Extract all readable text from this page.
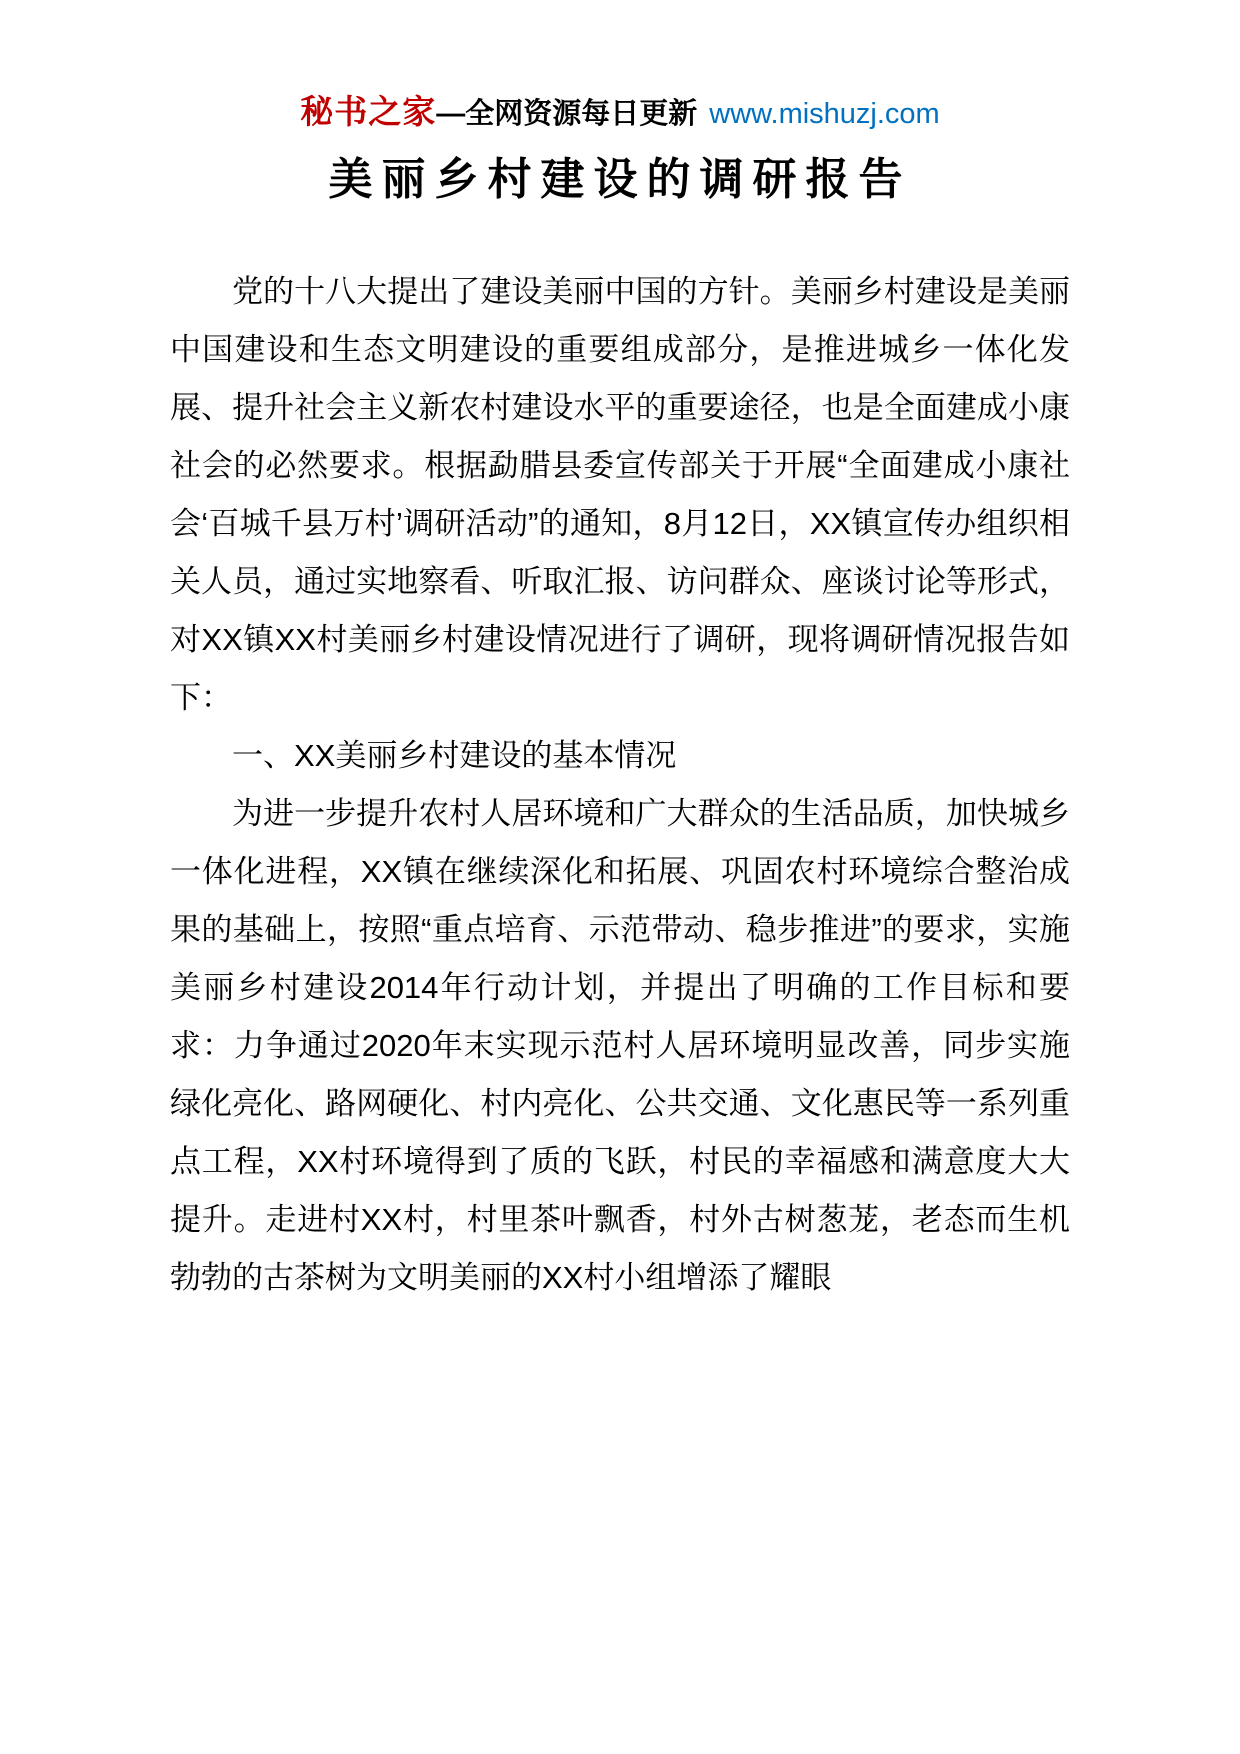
秘书之家—全网资源每日更新 www.mishuzj.com
美丽乡村建设的调研报告

党的十八大提出了建设美丽中国的方针。美丽乡村建设是美丽中国建设和生态文明建设的重要组成部分，是推进城乡一体化发展、提升社会主义新农村建设水平的重要途径，也是全面建成小康社会的必然要求。根据勐腊县委宣传部关于开展“全面建成小康社会‘百城千县万村’调研活动”的通知，8月12日，XX镇宣传办组织相关人员，通过实地察看、听取汇报、访问群众、座谈讨论等形式，对XX镇XX村美丽乡村建设情况进行了调研，现将调研情况报告如下：

一、XX美丽乡村建设的基本情况

为进一步提升农村人居环境和广大群众的生活品质，加快城乡一体化进程，XX镇在继续深化和拓展、巩固农村环境综合整治成果的基础上，按照“重点培育、示范带动、稳步推进”的要求，实施美丽乡村建设2014年行动计划，并提出了明确的工作目标和要求：力争通过2020年末实现示范村人居环境明显改善，同步实施绿化亮化、路网硬化、村内亮化、公共交通、文化惠民等一系列重点工程，XX村环境得到了质的飞跃，村民的幸福感和满意度大大提升。走进村XX村，村里茶叶飘香，村外古树葱茏，老态而生机勃勃的古茶树为文明美丽的XX村小组增添了耀眼
